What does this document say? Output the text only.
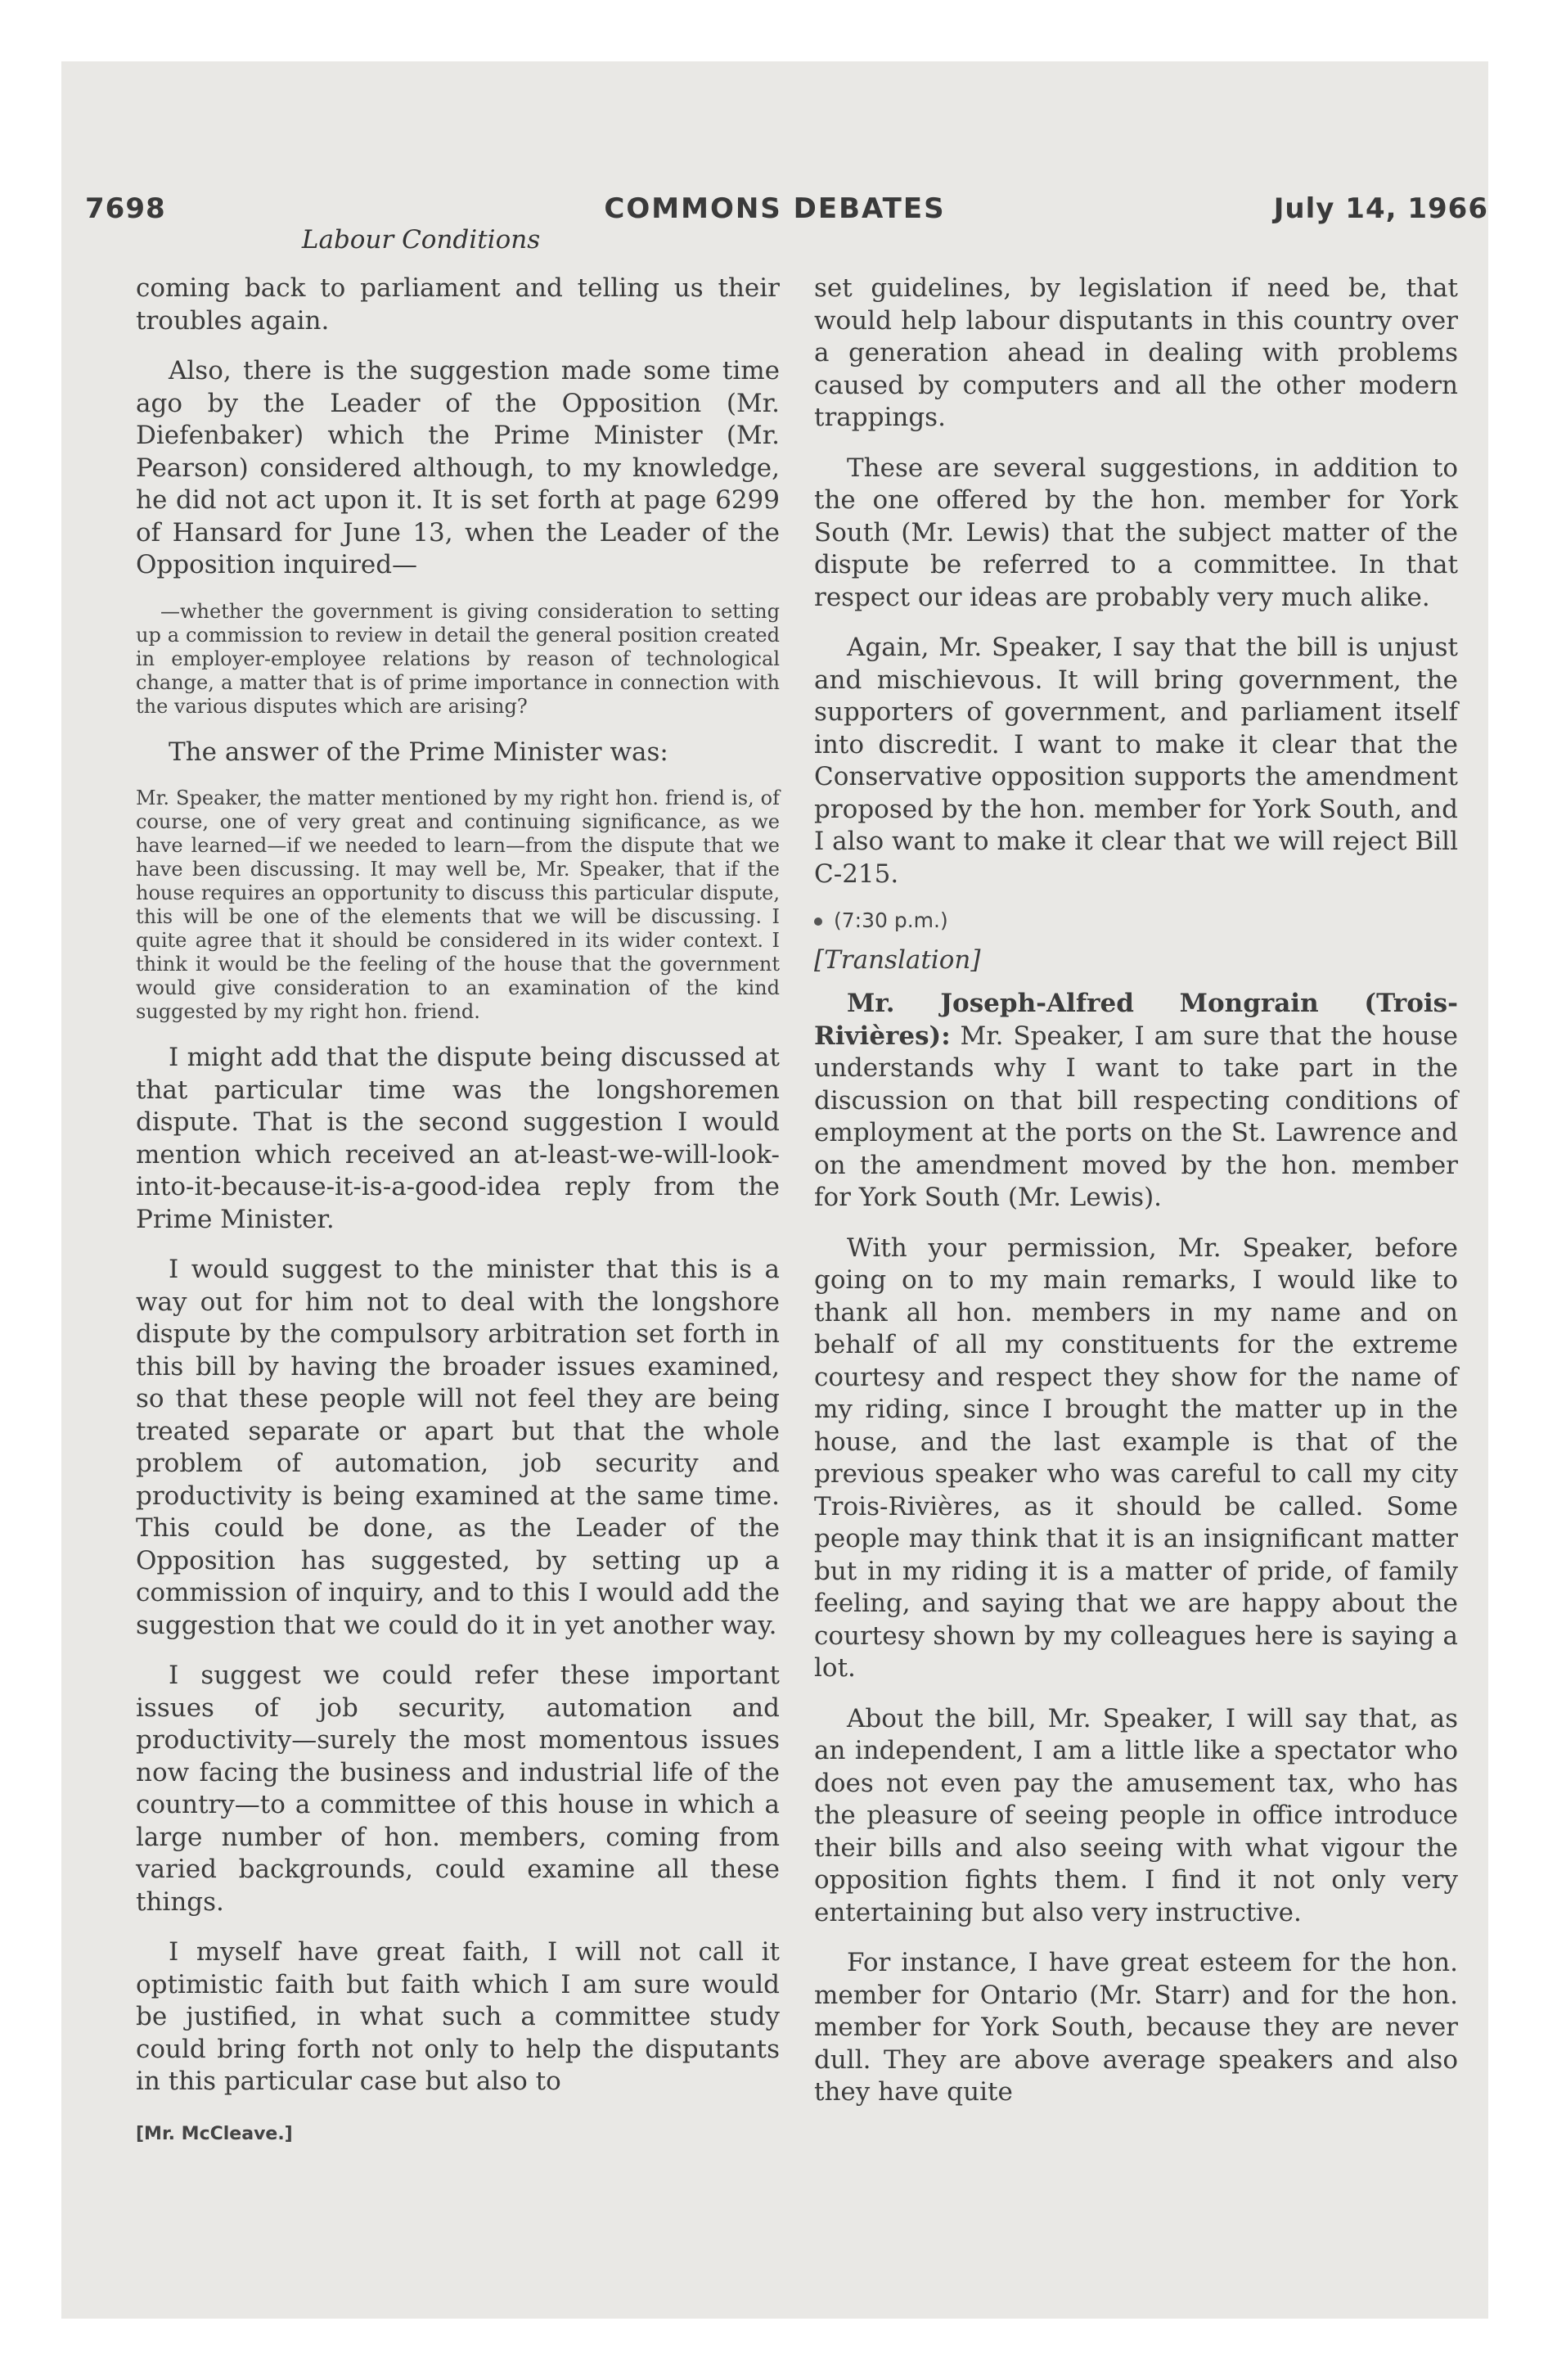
7698	COMMONS DEBATES	July 14, 1966
Labour Conditions

coming back to parliament and telling us their troubles again.

Also, there is the suggestion made some time ago by the Leader of the Opposition (Mr. Diefenbaker) which the Prime Minister (Mr. Pearson) considered although, to my knowledge, he did not act upon it. It is set forth at page 6299 of Hansard for June 13, when the Leader of the Opposition inquired—

—whether the government is giving consideration to setting up a commission to review in detail the general position created in employer-employee relations by reason of technological change, a matter that is of prime importance in connection with the various disputes which are arising?

The answer of the Prime Minister was:

Mr. Speaker, the matter mentioned by my right hon. friend is, of course, one of very great and continuing significance, as we have learned—if we needed to learn—from the dispute that we have been discussing. It may well be, Mr. Speaker, that if the house requires an opportunity to discuss this particular dispute, this will be one of the elements that we will be discussing. I quite agree that it should be considered in its wider context. I think it would be the feeling of the house that the government would give consideration to an examination of the kind suggested by my right hon. friend.

I might add that the dispute being discussed at that particular time was the longshoremen dispute. That is the second suggestion I would mention which received an at-least-we-will-look-into-it-because-it-is-a-good-idea reply from the Prime Minister.

I would suggest to the minister that this is a way out for him not to deal with the longshore dispute by the compulsory arbitration set forth in this bill by having the broader issues examined, so that these people will not feel they are being treated separate or apart but that the whole problem of automation, job security and productivity is being examined at the same time. This could be done, as the Leader of the Opposition has suggested, by setting up a commission of inquiry, and to this I would add the suggestion that we could do it in yet another way.

I suggest we could refer these important issues of job security, automation and productivity—surely the most momentous issues now facing the business and industrial life of the country—to a committee of this house in which a large number of hon. members, coming from varied backgrounds, could examine all these things.

I myself have great faith, I will not call it optimistic faith but faith which I am sure would be justified, in what such a committee study could bring forth not only to help the disputants in this particular case but also to

set guidelines, by legislation if need be, that would help labour disputants in this country over a generation ahead in dealing with problems caused by computers and all the other modern trappings.

These are several suggestions, in addition to the one offered by the hon. member for York South (Mr. Lewis) that the subject matter of the dispute be referred to a committee. In that respect our ideas are probably very much alike.

Again, Mr. Speaker, I say that the bill is unjust and mischievous. It will bring government, the supporters of government, and parliament itself into discredit. I want to make it clear that the Conservative opposition supports the amendment proposed by the hon. member for York South, and I also want to make it clear that we will reject Bill C-215.

(7:30 p.m.)
[Translation]

Mr. Joseph-Alfred Mongrain (Trois-Rivières): Mr. Speaker, I am sure that the house understands why I want to take part in the discussion on that bill respecting conditions of employment at the ports on the St. Lawrence and on the amendment moved by the hon. member for York South (Mr. Lewis).

With your permission, Mr. Speaker, before going on to my main remarks, I would like to thank all hon. members in my name and on behalf of all my constituents for the extreme courtesy and respect they show for the name of my riding, since I brought the matter up in the house, and the last example is that of the previous speaker who was careful to call my city Trois-Rivières, as it should be called. Some people may think that it is an insignificant matter but in my riding it is a matter of pride, of family feeling, and saying that we are happy about the courtesy shown by my colleagues here is saying a lot.

About the bill, Mr. Speaker, I will say that, as an independent, I am a little like a spectator who does not even pay the amusement tax, who has the pleasure of seeing people in office introduce their bills and also seeing with what vigour the opposition fights them. I find it not only very entertaining but also very instructive.

For instance, I have great esteem for the hon. member for Ontario (Mr. Starr) and for the hon. member for York South, because they are never dull. They are above average speakers and also they have quite

[Mr. McCleave.]
